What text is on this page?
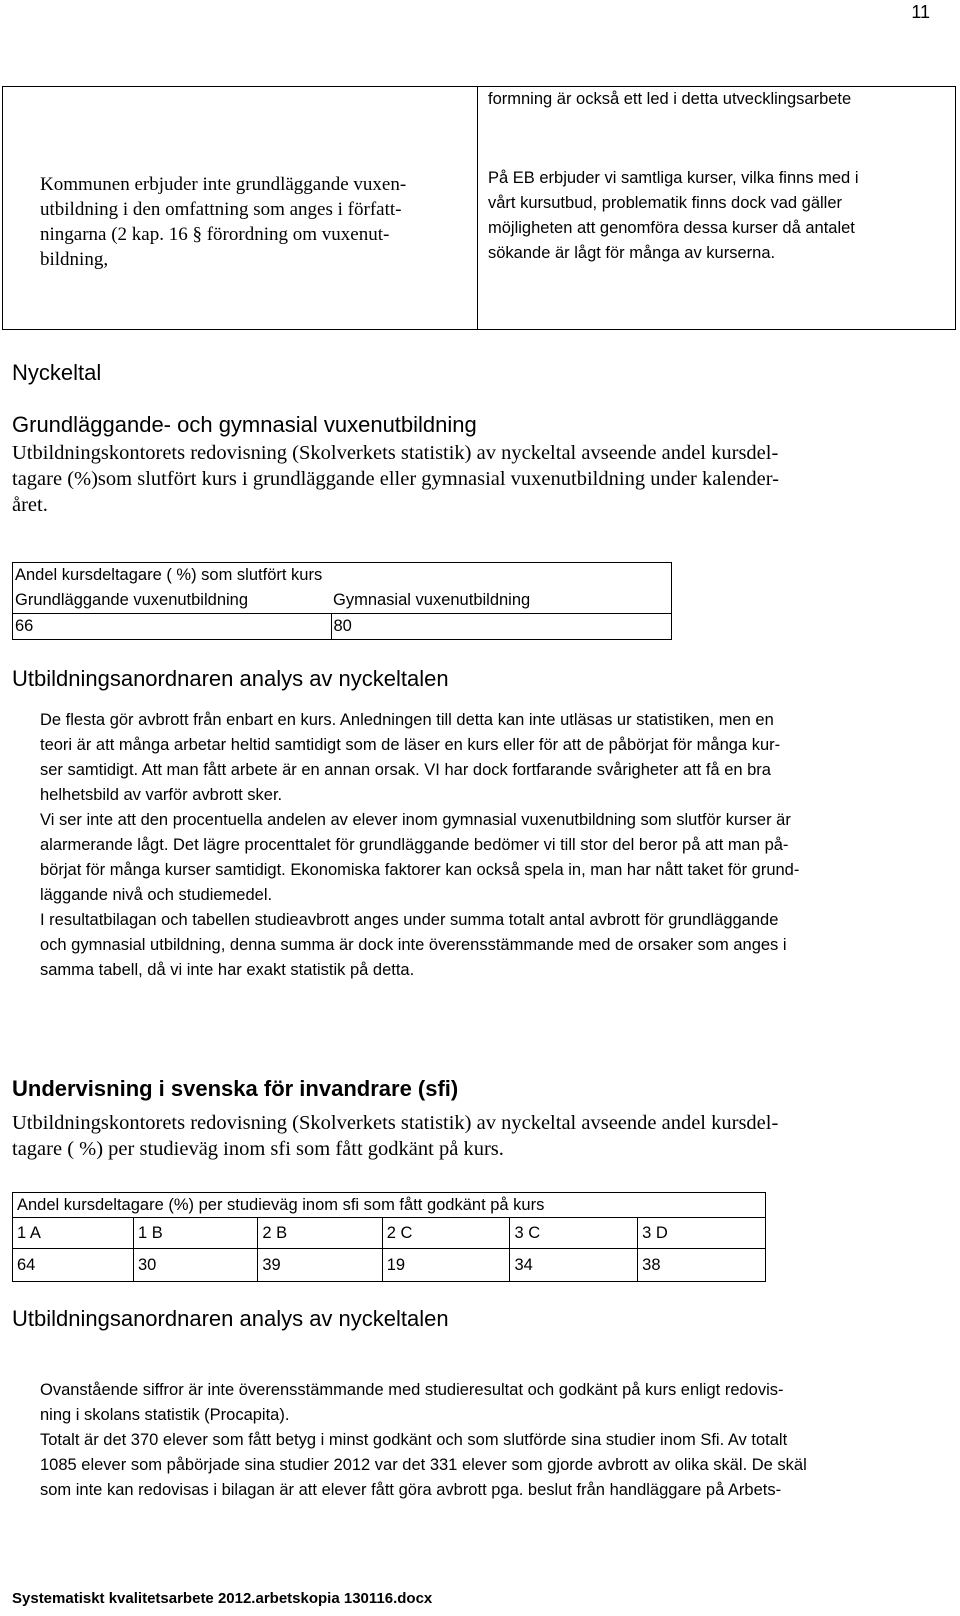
11
formning är också ett led i detta utvecklingsarbete
Kommunen erbjuder inte grundläggande vuxen-
utbildning i den omfattning som anges i författ-
ningarna (2 kap. 16 § förordning om vuxenut-
bildning,
På EB erbjuder vi samtliga kurser, vilka finns med i
vårt kursutbud, problematik finns dock vad gäller
möjligheten att genomföra dessa kurser då antalet
sökande är lågt för många av kurserna.
Nyckeltal
Grundläggande- och gymnasial vuxenutbildning
Utbildningskontorets redovisning (Skolverkets statistik) av nyckeltal avseende andel kursdel-
tagare (%)som slutfört kurs i grundläggande eller gymnasial vuxenutbildning under kalender-
året.
Andel kursdeltagare ( %) som slutfört kurs	
Grundläggande vuxenutbildning	Gymnasial vuxenutbildning
66	80
Utbildningsanordnaren analys av nyckeltalen
De flesta gör avbrott från enbart en kurs. Anledningen till detta kan inte utläsas ur statistiken, men en
teori är att många arbetar heltid samtidigt som de läser en kurs eller för att de påbörjat för många kur-
ser samtidigt. Att man fått arbete är en annan orsak. VI har dock fortfarande svårigheter att få en bra
helhetsbild av varför avbrott sker.
Vi ser inte att den procentuella andelen av elever inom gymnasial vuxenutbildning som slutför kurser är
alarmerande lågt. Det lägre procenttalet för grundläggande bedömer vi till stor del beror på att man på-
börjat för många kurser samtidigt. Ekonomiska faktorer kan också spela in, man har nått taket för grund-
läggande nivå och studiemedel.
I resultatbilagan och tabellen studieavbrott anges under summa totalt antal avbrott för grundläggande
och gymnasial utbildning, denna summa är dock inte överensstämmande med de orsaker som anges i
samma tabell, då vi inte har exakt statistik på detta.
Undervisning i svenska för invandrare (sfi)
Utbildningskontorets redovisning (Skolverkets statistik) av nyckeltal avseende andel kursdel-
tagare ( %) per studieväg inom sfi som fått godkänt på kurs.
Andel kursdeltagare (%) per studieväg inom sfi som fått godkänt på kurs					
1 A	1 B	2 B	2 C	3 C	3 D
64	30	39	19	34	38
Utbildningsanordnaren analys av nyckeltalen
Ovanstående siffror är inte överensstämmande med studieresultat och godkänt på kurs enligt redovis-
ning i skolans statistik (Procapita).
Totalt är det 370 elever som fått betyg i minst godkänt och som slutförde sina studier inom Sfi. Av totalt
1085 elever som påbörjade sina studier 2012 var det 331 elever som gjorde avbrott av olika skäl. De skäl
som inte kan redovisas i bilagan är att elever fått göra avbrott pga. beslut från handläggare på Arbets-
Systematiskt kvalitetsarbete 2012.arbetskopia 130116.docx
